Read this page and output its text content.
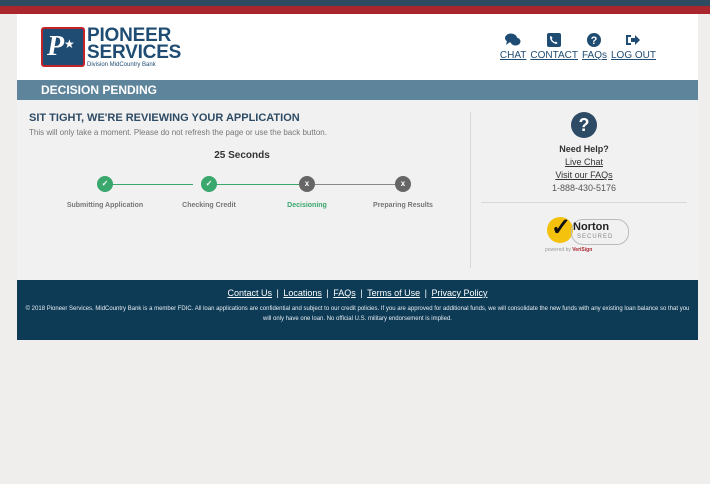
P ★ PIONEER
SERVICES
Division MidCountry Bank
CHAT CONTACT
?
FAQs LOG OUT
DECISION PENDING
SIT TIGHT, WE'RE REVIEWING YOUR APPLICATION
This will only take a moment. Please do not refresh the page or use the back button.
25 Seconds
✓	✓	x	x
Submitting Application	Checking Credit	Decisioning	Preparing Results
?
Need Help?
Live Chat
Visit our FAQs
1-888-430-5176
✓ Norton
SECURED
powered by VeriSign
Contact Us | Locations | FAQs | Terms of Use | Privacy Policy
© 2018 Pioneer Services. MidCountry Bank is a member FDIC. All loan applications are confidential and subject to our credit policies. If you are approved for additional funds, we will consolidate the new funds with any existing loan balance so that you will only have one loan. No official U.S. military endorsement is implied.
